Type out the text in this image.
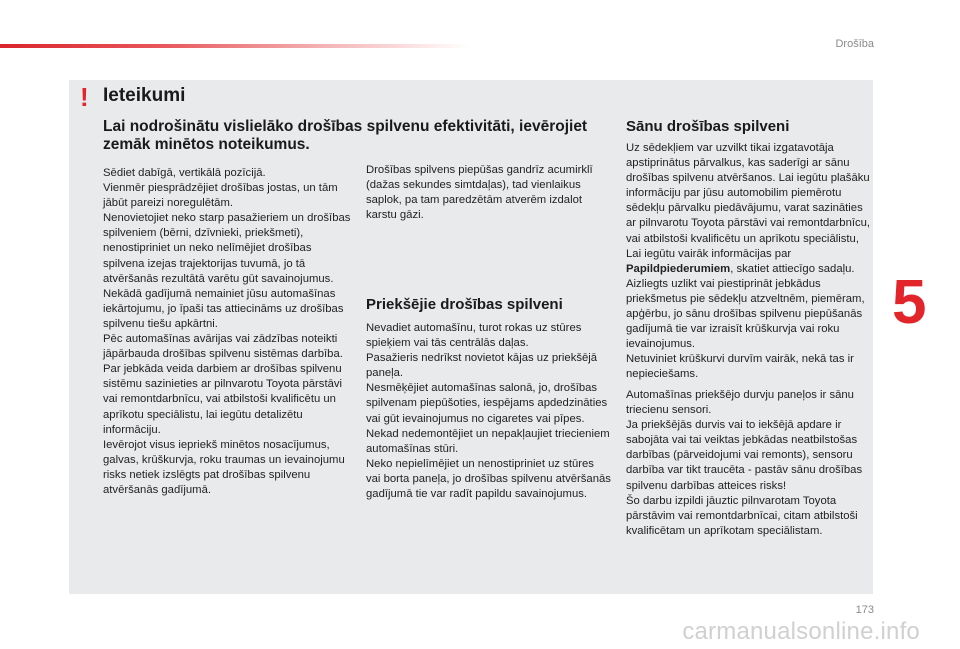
Drošība
! Ieteikumi
Lai nodrošinātu vislielāko drošības spilvenu efektivitāti, ievērojiet zemāk minētos noteikumus.

Sēdiet dabīgā, vertikālā pozīcijā.
Vienmēr piesprādzējiet drošības jostas, un tām jābūt pareizi noregulētām.
Nenovietojiet neko starp pasažieriem un drošības spilveniem (bērni, dzīvnieki, priekšmeti), nenostipriniet un neko nelīmējiet drošības spilvena izejas trajektorijas tuvumā, jo tā atvēršanās rezultātā varētu gūt savainojumus.
Nekādā gadījumā nemainiet jūsu automašīnas iekārtojumu, jo īpaši tas attiecināms uz drošības spilvenu tiešu apkārtni.
Pēc automašīnas avārijas vai zādzības noteikti jāpārbauda drošības spilvenu sistēmas darbība.
Par jebkāda veida darbiem ar drošības spilvenu sistēmu sazinieties ar pilnvarotu Toyota pārstāvi vai remontdarbnīcu, vai atbilstoši kvalificētu un aprīkotu speciālistu, lai iegūtu detalizētu informāciju.
Ievērojot visus iepriekš minētos nosacījumus, galvas, krūškurvja, roku traumas un ievainojumu risks netiek izslēgts pat drošības spilvenu atvēršanās gadījumā.

Drošības spilvens piepūšas gandrīz acumirklī (dažas sekundes simtdaļas), tad vienlaikus saplok, pa tam paredzētām atverēm izdalot karstu gāzi.

Priekšējie drošības spilveni

Nevadiet automašīnu, turot rokas uz stūres spieķiem vai tās centrālās daļas.
Pasažieris nedrīkst novietot kājas uz priekšējā paneļa.
Nesmēķējiet automašīnas salonā, jo, drošības spilvenam piepūšoties, iespējams apdedzināties vai gūt ievainojumus no cigaretes vai pīpes.
Nekad nedemontējiet un nepakļaujiet triecieniem automašīnas stūri.
Neko nepielīmējiet un nenostipriniet uz stūres vai borta paneļa, jo drošības spilvenu atvēršanās gadījumā tie var radīt papildu savainojumus.

Sānu drošības spilveni

Uz sēdekļiem var uzvilkt tikai izgatavotāja apstiprinātus pārvalkus, kas saderīgi ar sānu drošības spilvenu atvēršanos. Lai iegūtu plašāku informāciju par jūsu automobilim piemērotu sēdekļu pārvalku piedāvājumu, varat sazināties ar pilnvarotu Toyota pārstāvi vai remontdarbnīcu, vai atbilstoši kvalificētu un aprīkotu speciālistu,
Lai iegūtu vairāk informācijas par Papildpiederumiem, skatiet attiecīgo sadaļu.
Aizliegts uzlikt vai piestiprināt jebkādus priekšmetus pie sēdekļu atzveltnēm, piemēram, apģērbu, jo sānu drošības spilvenu piepūšanās gadījumā tie var izraisīt krūškurvja vai roku ievainojumus.
Netuviniet krūškurvi durvīm vairāk, nekā tas ir nepieciešams.

Automašīnas priekšējo durvju paneļos ir sānu triecienu sensori.
Ja priekšējās durvis vai to iekšējā apdare ir sabojāta vai tai veiktas jebkādas neatbilstošas darbības (pārveidojumi vai remonts), sensoru darbība var tikt traucēta - pastāv sānu drošības spilvenu darbības atteices risks!
Šo darbu izpildi jāuztic pilnvarotam Toyota pārstāvim vai remontdarbnīcai, citam atbilstoši kvalificētam un aprīkotam speciālistam.

5
173
carmanualsonline.info
